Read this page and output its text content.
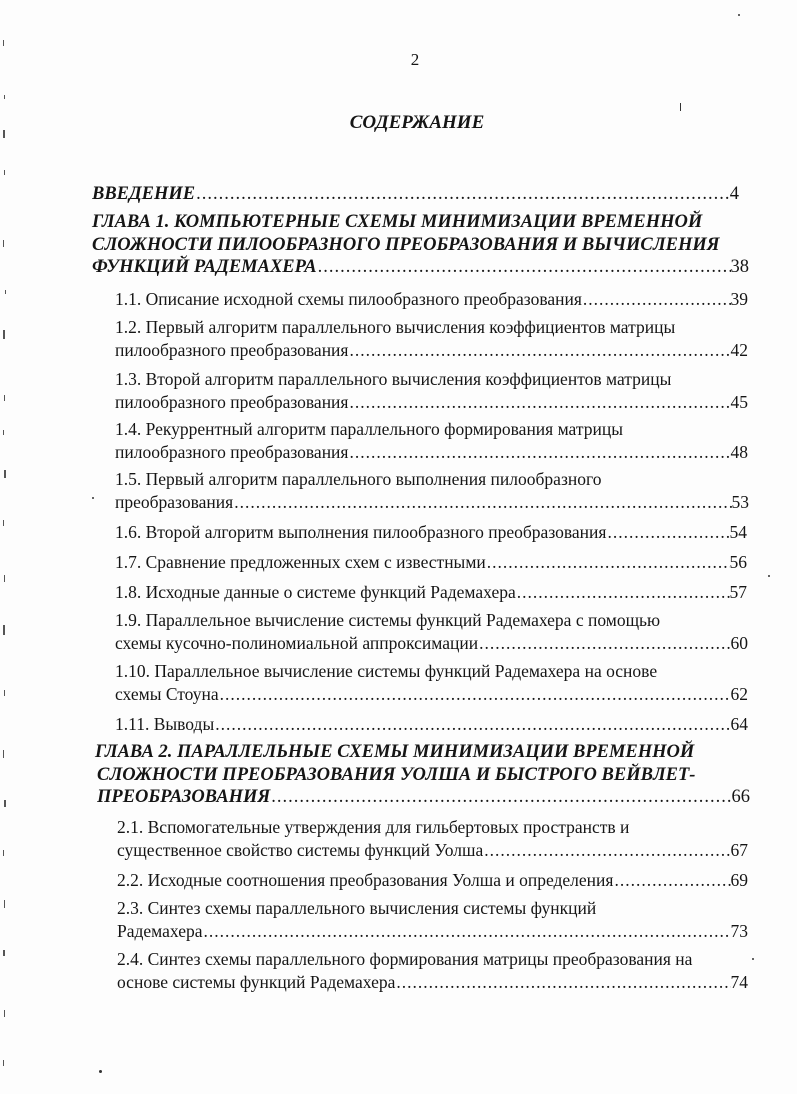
2
СОДЕРЖАНИЕ
ВВЕДЕНИЕ .....	4
ГЛАВА 1. КОМПЬЮТЕРНЫЕ СХЕМЫ МИНИМИЗАЦИИ ВРЕМЕННОЙ
СЛОЖНОСТИ ПИЛООБРАЗНОГО ПРЕОБРАЗОВАНИЯ И ВЫЧИСЛЕНИЯ
ФУНКЦИЙ РАДЕМАХЕРА .....	38
1.1. Описание исходной схемы пилообразного преобразования .....	39
1.2. Первый алгоритм параллельного вычисления коэффициентов матрицы
пилообразного преобразования .....	42
1.3. Второй алгоритм параллельного вычисления коэффициентов матрицы
пилообразного преобразования .....	45
1.4. Рекуррентный алгоритм параллельного формирования матрицы
пилообразного преобразования .....	48
1.5. Первый алгоритм параллельного выполнения пилообразного
преобразования .....	53
1.6. Второй алгоритм выполнения пилообразного преобразования .....	54
1.7. Сравнение предложенных схем с известными .....	56
1.8. Исходные данные о системе функций Радемахера .....	57
1.9. Параллельное вычисление системы функций Радемахера с помощью
схемы кусочно-полиномиальной аппроксимации .....	60
1.10. Параллельное вычисление системы функций Радемахера на основе
схемы Стоуна .....	62
1.11. Выводы .....	64
ГЛАВА 2. ПАРАЛЛЕЛЬНЫЕ СХЕМЫ МИНИМИЗАЦИИ ВРЕМЕННОЙ
СЛОЖНОСТИ ПРЕОБРАЗОВАНИЯ УОЛША И БЫСТРОГО ВЕЙВЛЕТ-
ПРЕОБРАЗОВАНИЯ .....	66
2.1. Вспомогательные утверждения для гильбертовых пространств и
существенное свойство системы функций Уолша .....	67
2.2. Исходные соотношения преобразования Уолша и определения .....	69
2.3. Синтез схемы параллельного вычисления системы функций
Радемахера .....	73
2.4. Синтез схемы параллельного формирования матрицы преобразования на
основе системы функций Радемахера .....	74
